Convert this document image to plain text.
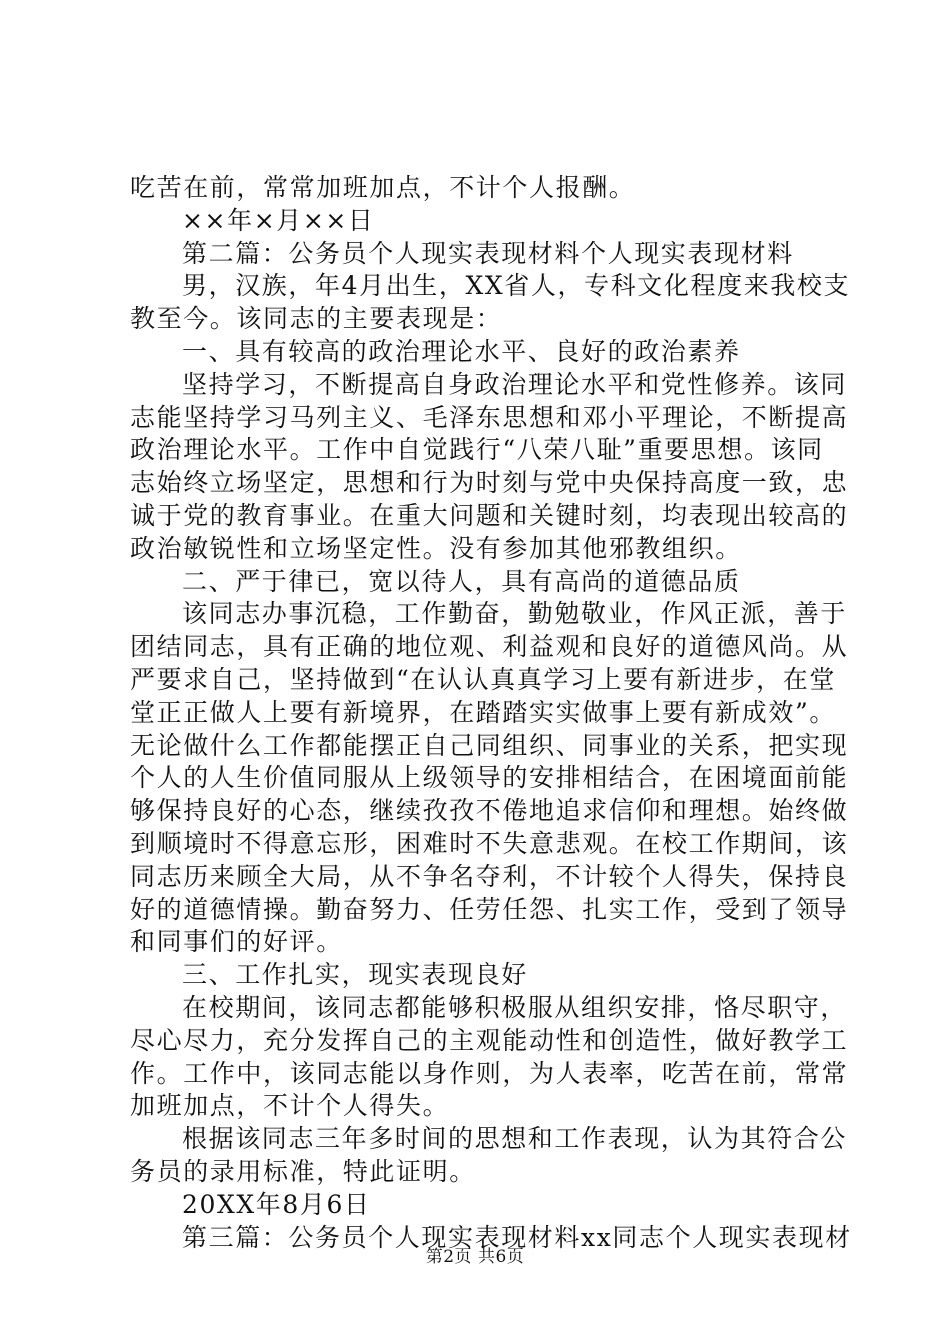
吃苦在前，常常加班加点，不计个人报酬。
××年×月××日
第二篇：公务员个人现实表现材料个人现实表现材料
男，汉族，年4月出生，XX省人，专科文化程度来我校支
教至今。该同志的主要表现是：
一、具有较高的政治理论水平、良好的政治素养
坚持学习，不断提高自身政治理论水平和党性修养。该同
志能坚持学习马列主义、毛泽东思想和邓小平理论，不断提高
政治理论水平。工作中自觉践行“八荣八耻”重要思想。该同
志始终立场坚定，思想和行为时刻与党中央保持高度一致，忠
诚于党的教育事业。在重大问题和关键时刻，均表现出较高的
政治敏锐性和立场坚定性。没有参加其他邪教组织。
二、严于律已，宽以待人，具有高尚的道德品质
该同志办事沉稳，工作勤奋，勤勉敬业，作风正派，善于
团结同志，具有正确的地位观、利益观和良好的道德风尚。从
严要求自己，坚持做到“在认认真真学习上要有新进步，在堂
堂正正做人上要有新境界，在踏踏实实做事上要有新成效”。
无论做什么工作都能摆正自己同组织、同事业的关系，把实现
个人的人生价值同服从上级领导的安排相结合，在困境面前能
够保持良好的心态，继续孜孜不倦地追求信仰和理想。始终做
到顺境时不得意忘形，困难时不失意悲观。在校工作期间，该
同志历来顾全大局，从不争名夺利，不计较个人得失，保持良
好的道德情操。勤奋努力、任劳任怨、扎实工作，受到了领导
和同事们的好评。
三、工作扎实，现实表现良好
在校期间，该同志都能够积极服从组织安排，恪尽职守，
尽心尽力，充分发挥自己的主观能动性和创造性，做好教学工
作。工作中，该同志能以身作则，为人表率，吃苦在前，常常
加班加点，不计个人得失。
根据该同志三年多时间的思想和工作表现，认为其符合公
务员的录用标准，特此证明。
20XX年8月6日
第三篇：公务员个人现实表现材料xx同志个人现实表现材
第2页 共6页
